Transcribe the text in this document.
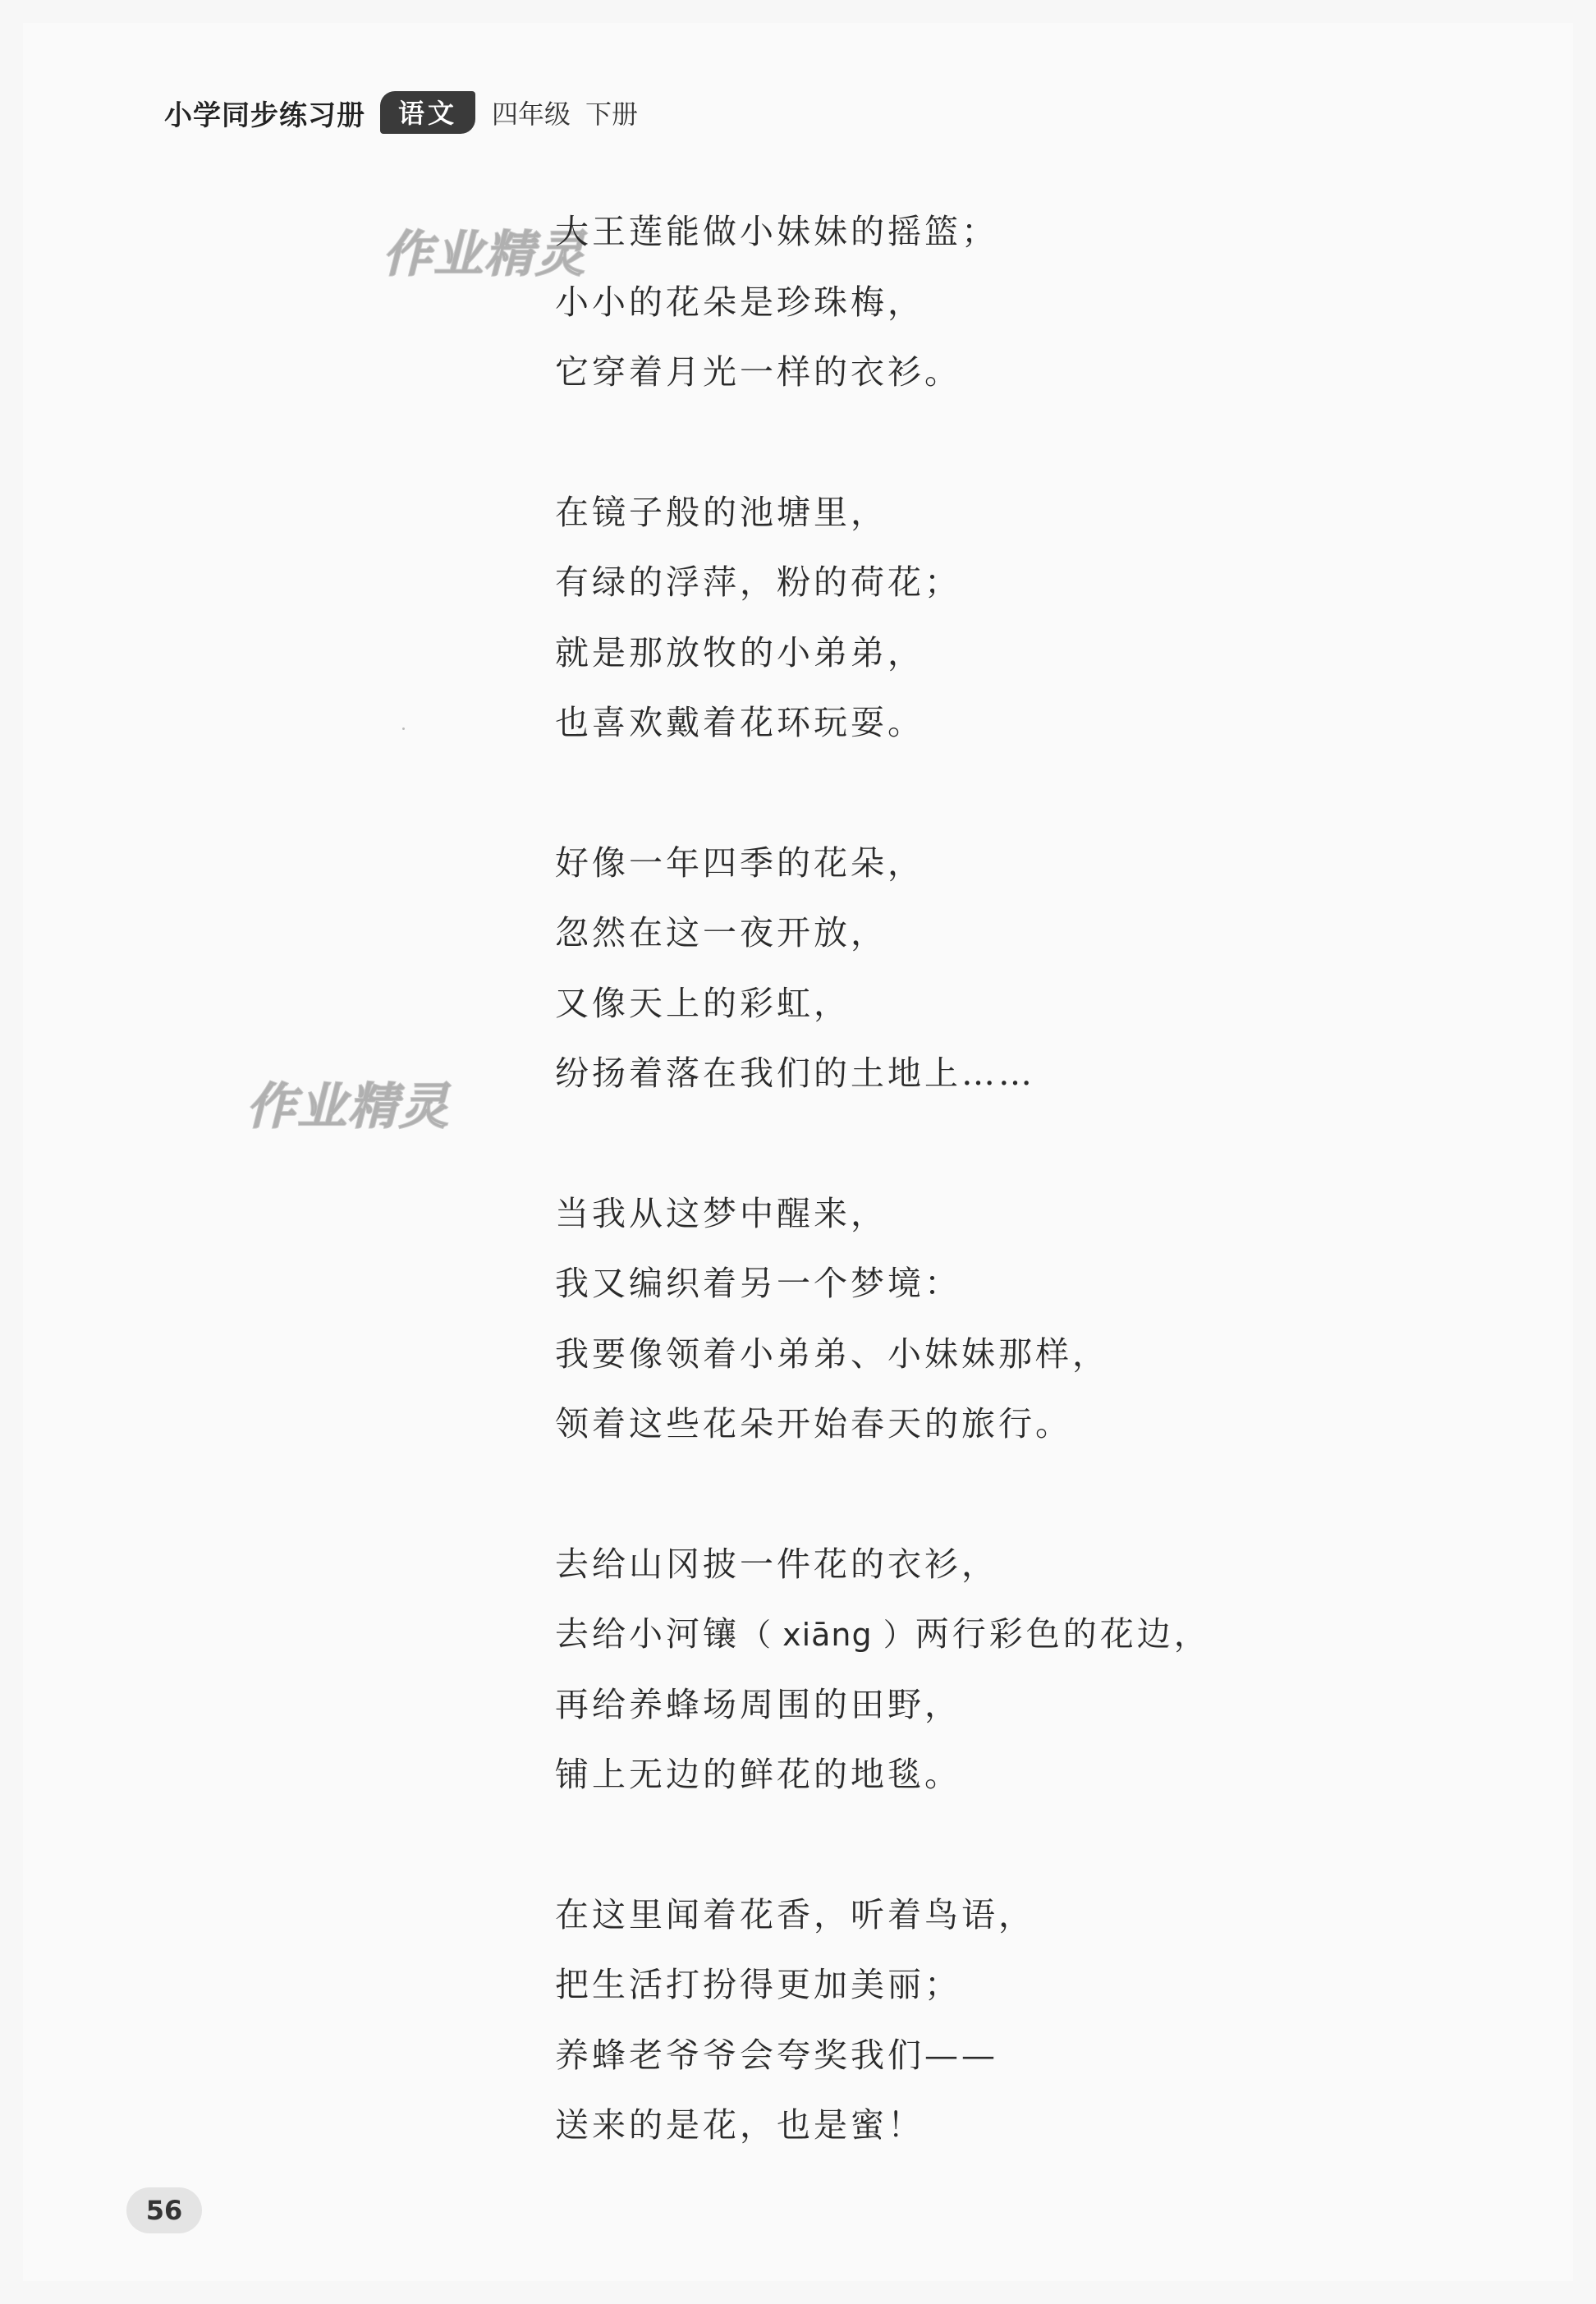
小学同步练习册	语文	四年级 下册
作业精灵
作业精灵
大王莲能做小妹妹的摇篮；
小小的花朵是珍珠梅，
它穿着月光一样的衣衫。
在镜子般的池塘里，
有绿的浮萍，粉的荷花；
就是那放牧的小弟弟，
也喜欢戴着花环玩耍。
好像一年四季的花朵，
忽然在这一夜开放，
又像天上的彩虹，
纷扬着落在我们的土地上……
当我从这梦中醒来，
我又编织着另一个梦境：
我要像领着小弟弟、小妹妹那样，
领着这些花朵开始春天的旅行。
去给山冈披一件花的衣衫，
去给小河镶（ xiāng ）两行彩色的花边，
再给养蜂场周围的田野，
铺上无边的鲜花的地毯。
在这里闻着花香，听着鸟语，
把生活打扮得更加美丽；
养蜂老爷爷会夸奖我们——
送来的是花，也是蜜！
56
